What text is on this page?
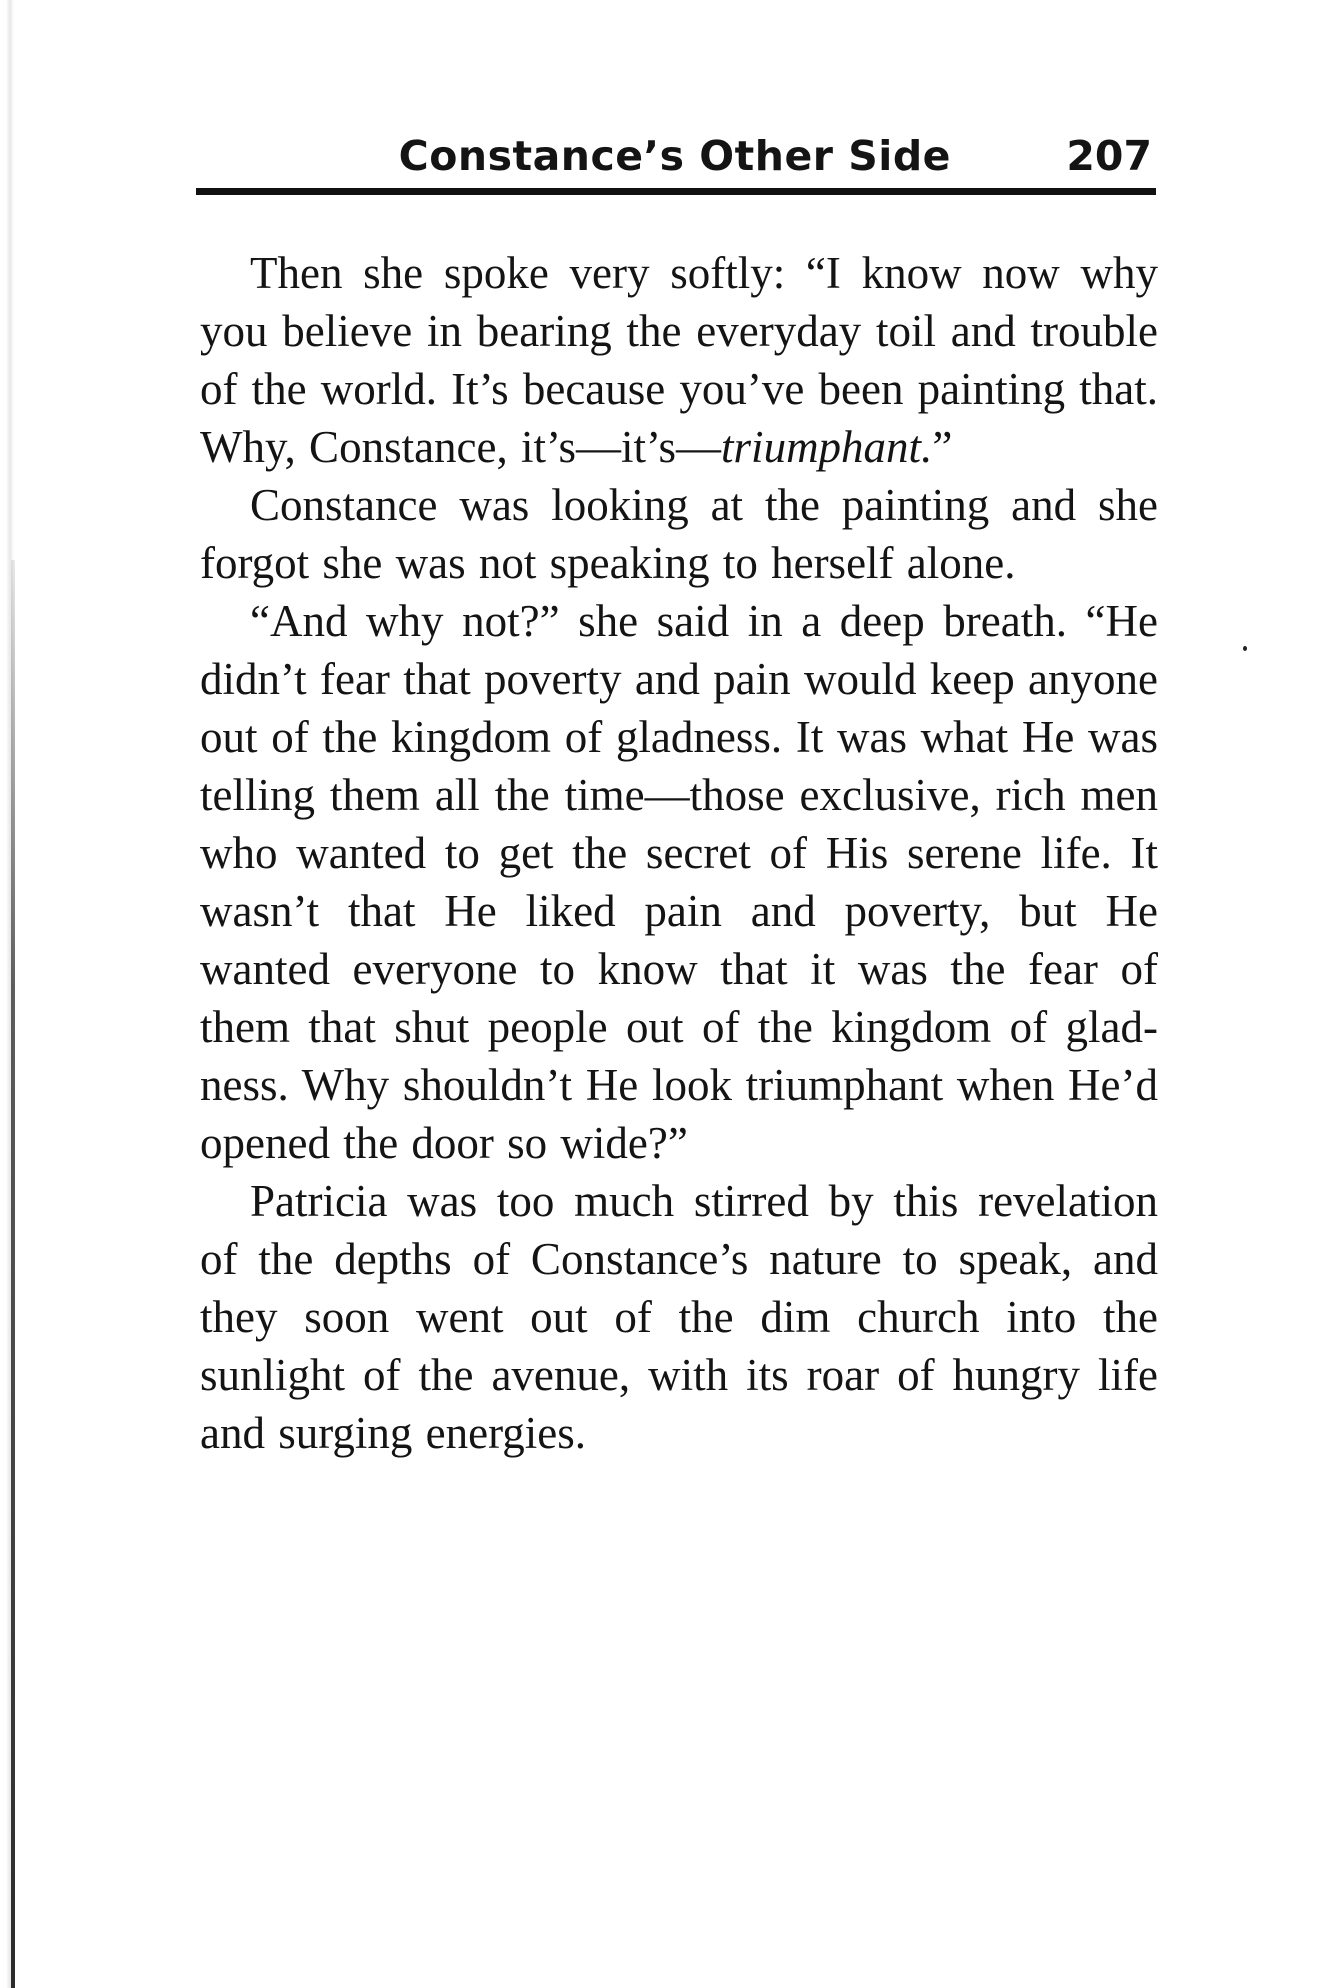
Constance’s Other Side	207

Then she spoke very softly: “I know now why you believe in bearing the everyday toil and trouble of the world. It’s because you’ve been painting that. Why, Constance, it’s—it’s—triumphant.”

Constance was looking at the painting and she forgot she was not speaking to herself alone.

“And why not?” she said in a deep breath. “He didn’t fear that poverty and pain would keep anyone out of the kingdom of gladness. It was what He was telling them all the time—those exclusive, rich men who wanted to get the secret of His serene life. It wasn’t that He liked pain and poverty, but He wanted everyone to know that it was the fear of them that shut people out of the kingdom of gladness. Why shouldn’t He look triumphant when He’d opened the door so wide?”

Patricia was too much stirred by this revelation of the depths of Constance’s nature to speak, and they soon went out of the dim church into the sunlight of the avenue, with its roar of hungry life and surging energies.
